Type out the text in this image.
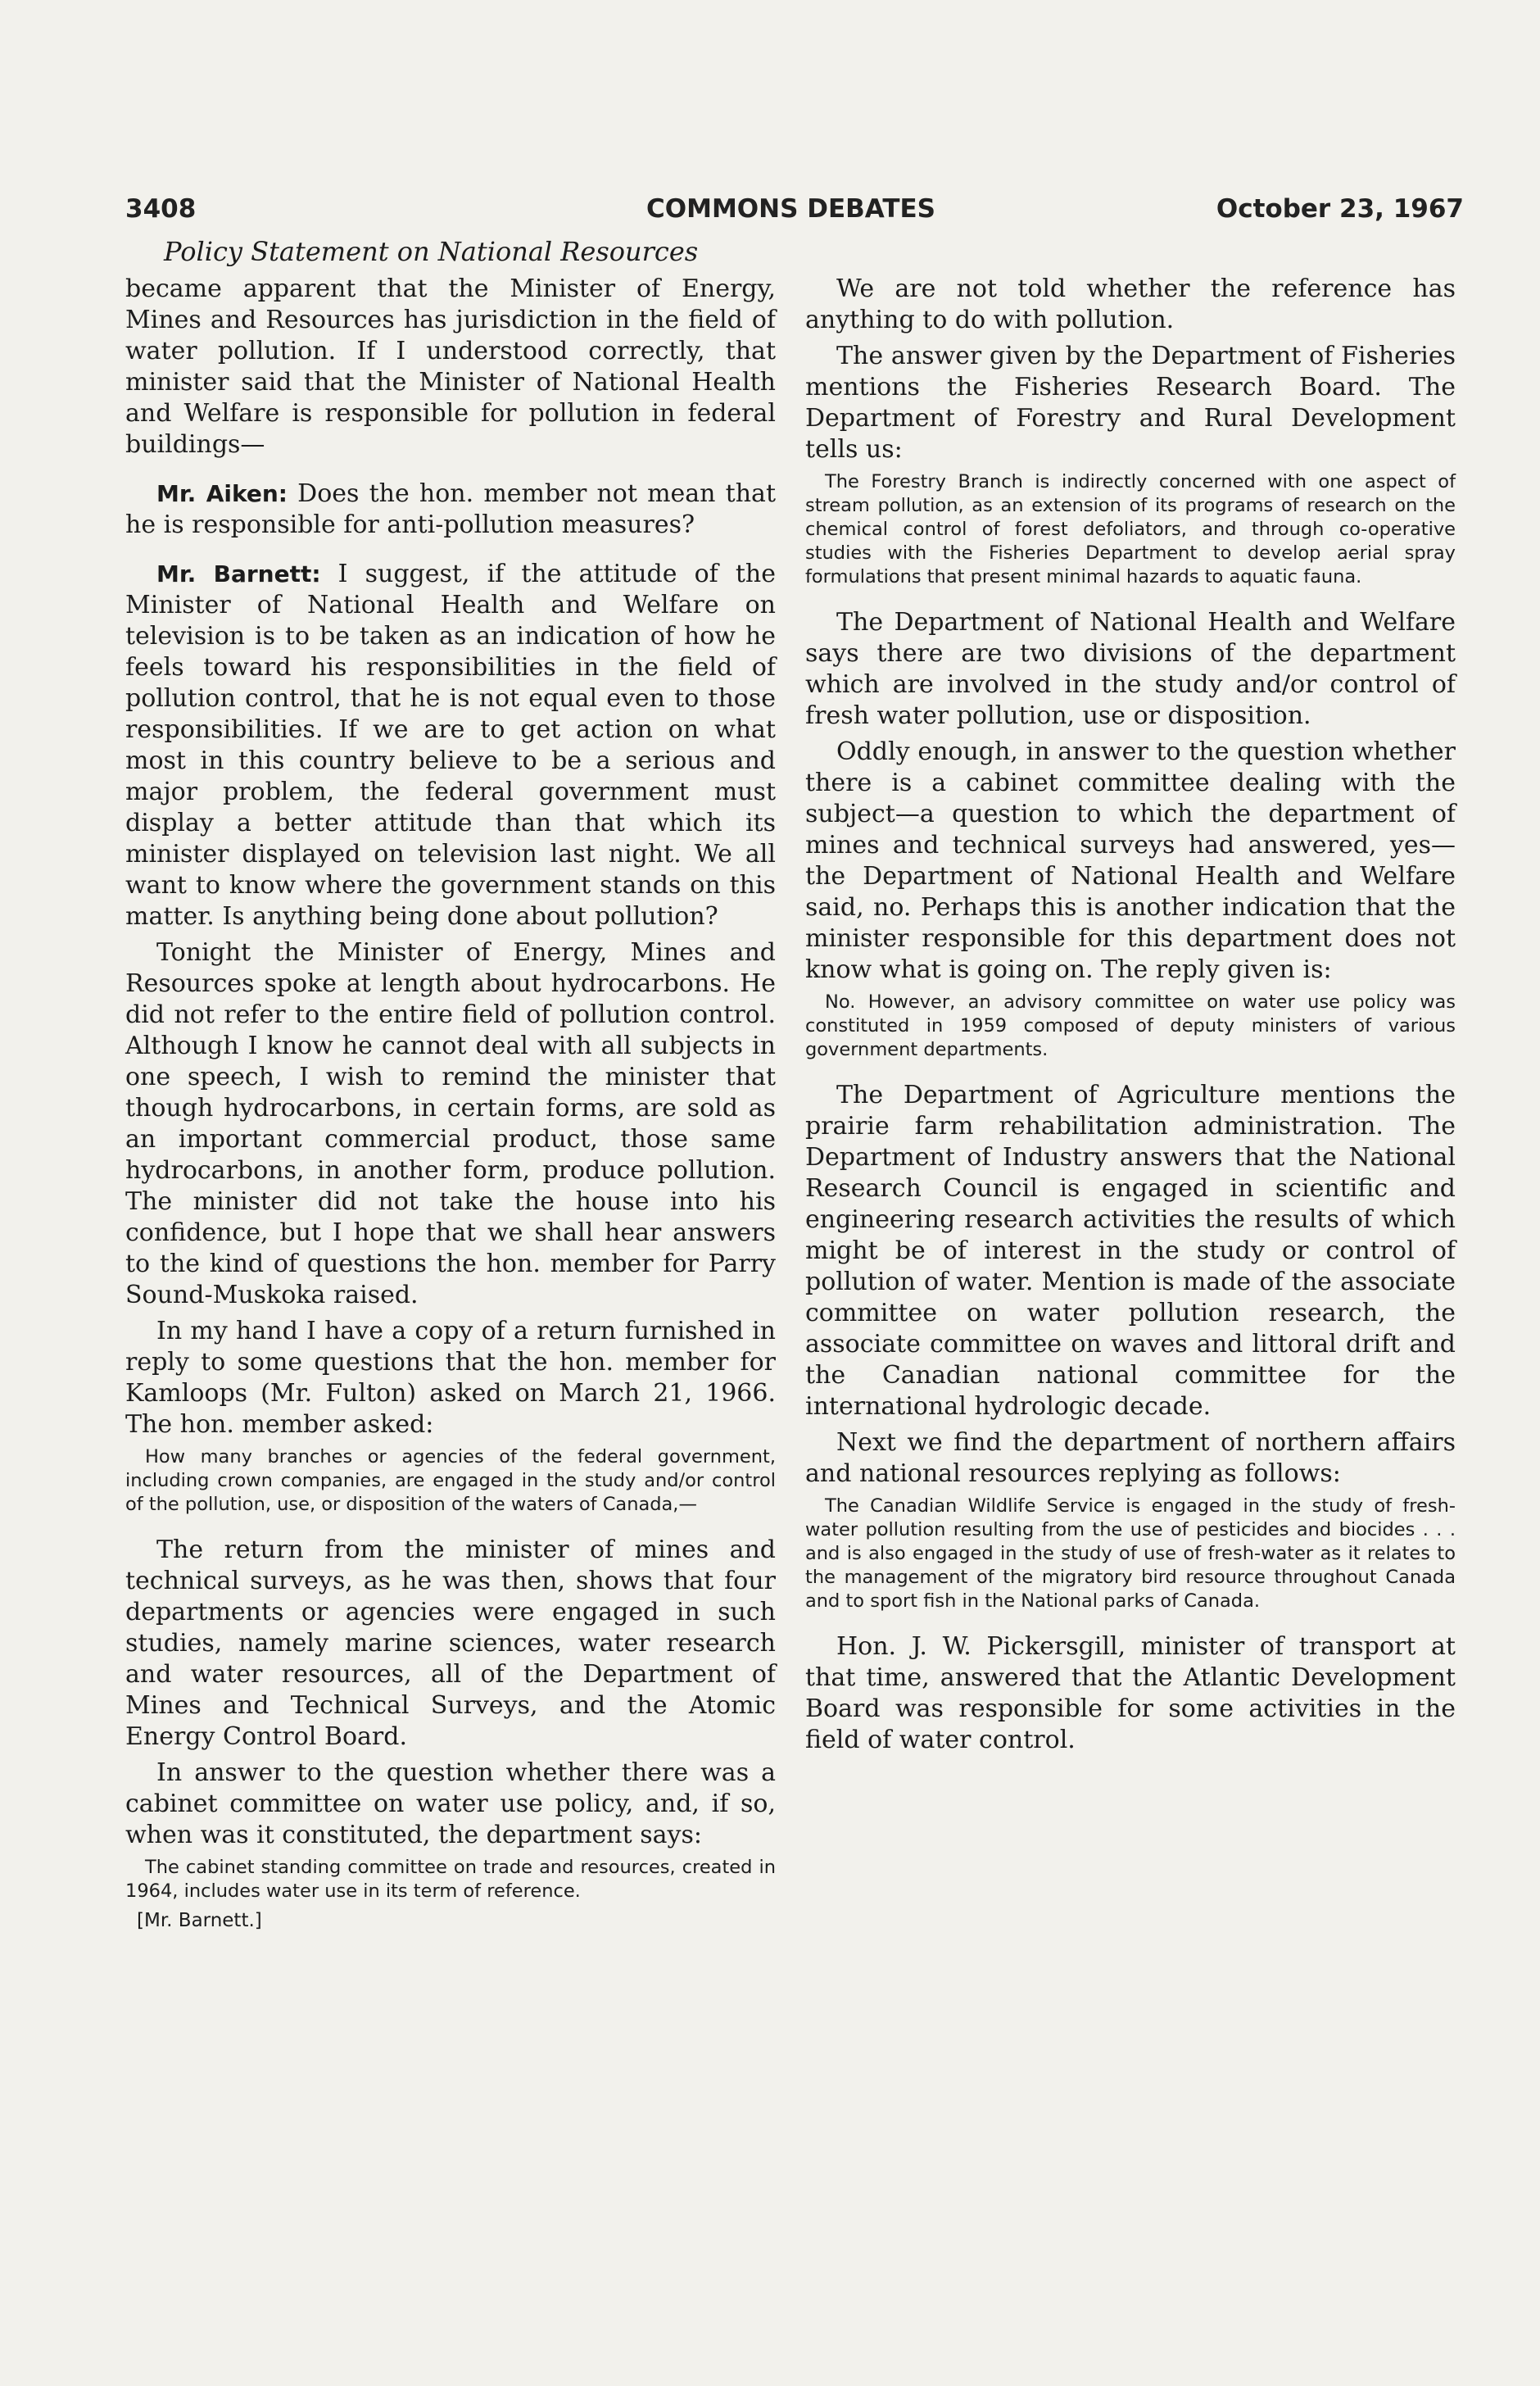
3408	COMMONS DEBATES	October 23, 1967
Policy Statement on National Resources

became apparent that the Minister of Energy, Mines and Resources has jurisdiction in the field of water pollution. If I understood correctly, that minister said that the Minister of National Health and Welfare is responsible for pollution in federal buildings—

Mr. Aiken: Does the hon. member not mean that he is responsible for anti-pollution measures?

Mr. Barnett: I suggest, if the attitude of the Minister of National Health and Welfare on television is to be taken as an indication of how he feels toward his responsibilities in the field of pollution control, that he is not equal even to those responsibilities. If we are to get action on what most in this country believe to be a serious and major problem, the federal government must display a better attitude than that which its minister displayed on television last night. We all want to know where the government stands on this matter. Is anything being done about pollution?

Tonight the Minister of Energy, Mines and Resources spoke at length about hydrocarbons. He did not refer to the entire field of pollution control. Although I know he cannot deal with all subjects in one speech, I wish to remind the minister that though hydrocarbons, in certain forms, are sold as an important commercial product, those same hydrocarbons, in another form, produce pollution. The minister did not take the house into his confidence, but I hope that we shall hear answers to the kind of questions the hon. member for Parry Sound-Muskoka raised.

In my hand I have a copy of a return furnished in reply to some questions that the hon. member for Kamloops (Mr. Fulton) asked on March 21, 1966. The hon. member asked:

How many branches or agencies of the federal government, including crown companies, are engaged in the study and/or control of the pollution, use, or disposition of the waters of Canada,—

The return from the minister of mines and technical surveys, as he was then, shows that four departments or agencies were engaged in such studies, namely marine sciences, water research and water resources, all of the Department of Mines and Technical Surveys, and the Atomic Energy Control Board.

In answer to the question whether there was a cabinet committee on water use policy, and, if so, when was it constituted, the department says:

The cabinet standing committee on trade and resources, created in 1964, includes water use in its term of reference.

[Mr. Barnett.]

We are not told whether the reference has anything to do with pollution.

The answer given by the Department of Fisheries mentions the Fisheries Research Board. The Department of Forestry and Rural Development tells us:

The Forestry Branch is indirectly concerned with one aspect of stream pollution, as an extension of its programs of research on the chemical control of forest defoliators, and through co-operative studies with the Fisheries Department to develop aerial spray formulations that present minimal hazards to aquatic fauna.

The Department of National Health and Welfare says there are two divisions of the department which are involved in the study and/or control of fresh water pollution, use or disposition.

Oddly enough, in answer to the question whether there is a cabinet committee dealing with the subject—a question to which the department of mines and technical surveys had answered, yes—the Department of National Health and Welfare said, no. Perhaps this is another indication that the minister responsible for this department does not know what is going on. The reply given is:

No. However, an advisory committee on water use policy was constituted in 1959 composed of deputy ministers of various government departments.

The Department of Agriculture mentions the prairie farm rehabilitation administration. The Department of Industry answers that the National Research Council is engaged in scientific and engineering research activities the results of which might be of interest in the study or control of pollution of water. Mention is made of the associate committee on water pollution research, the associate committee on waves and littoral drift and the Canadian national committee for the international hydrologic decade.

Next we find the department of northern affairs and national resources replying as follows:

The Canadian Wildlife Service is engaged in the study of fresh-water pollution resulting from the use of pesticides and biocides . . . and is also engaged in the study of use of fresh-water as it relates to the management of the migratory bird resource throughout Canada and to sport fish in the National parks of Canada.

Hon. J. W. Pickersgill, minister of transport at that time, answered that the Atlantic Development Board was responsible for some activities in the field of water control.
